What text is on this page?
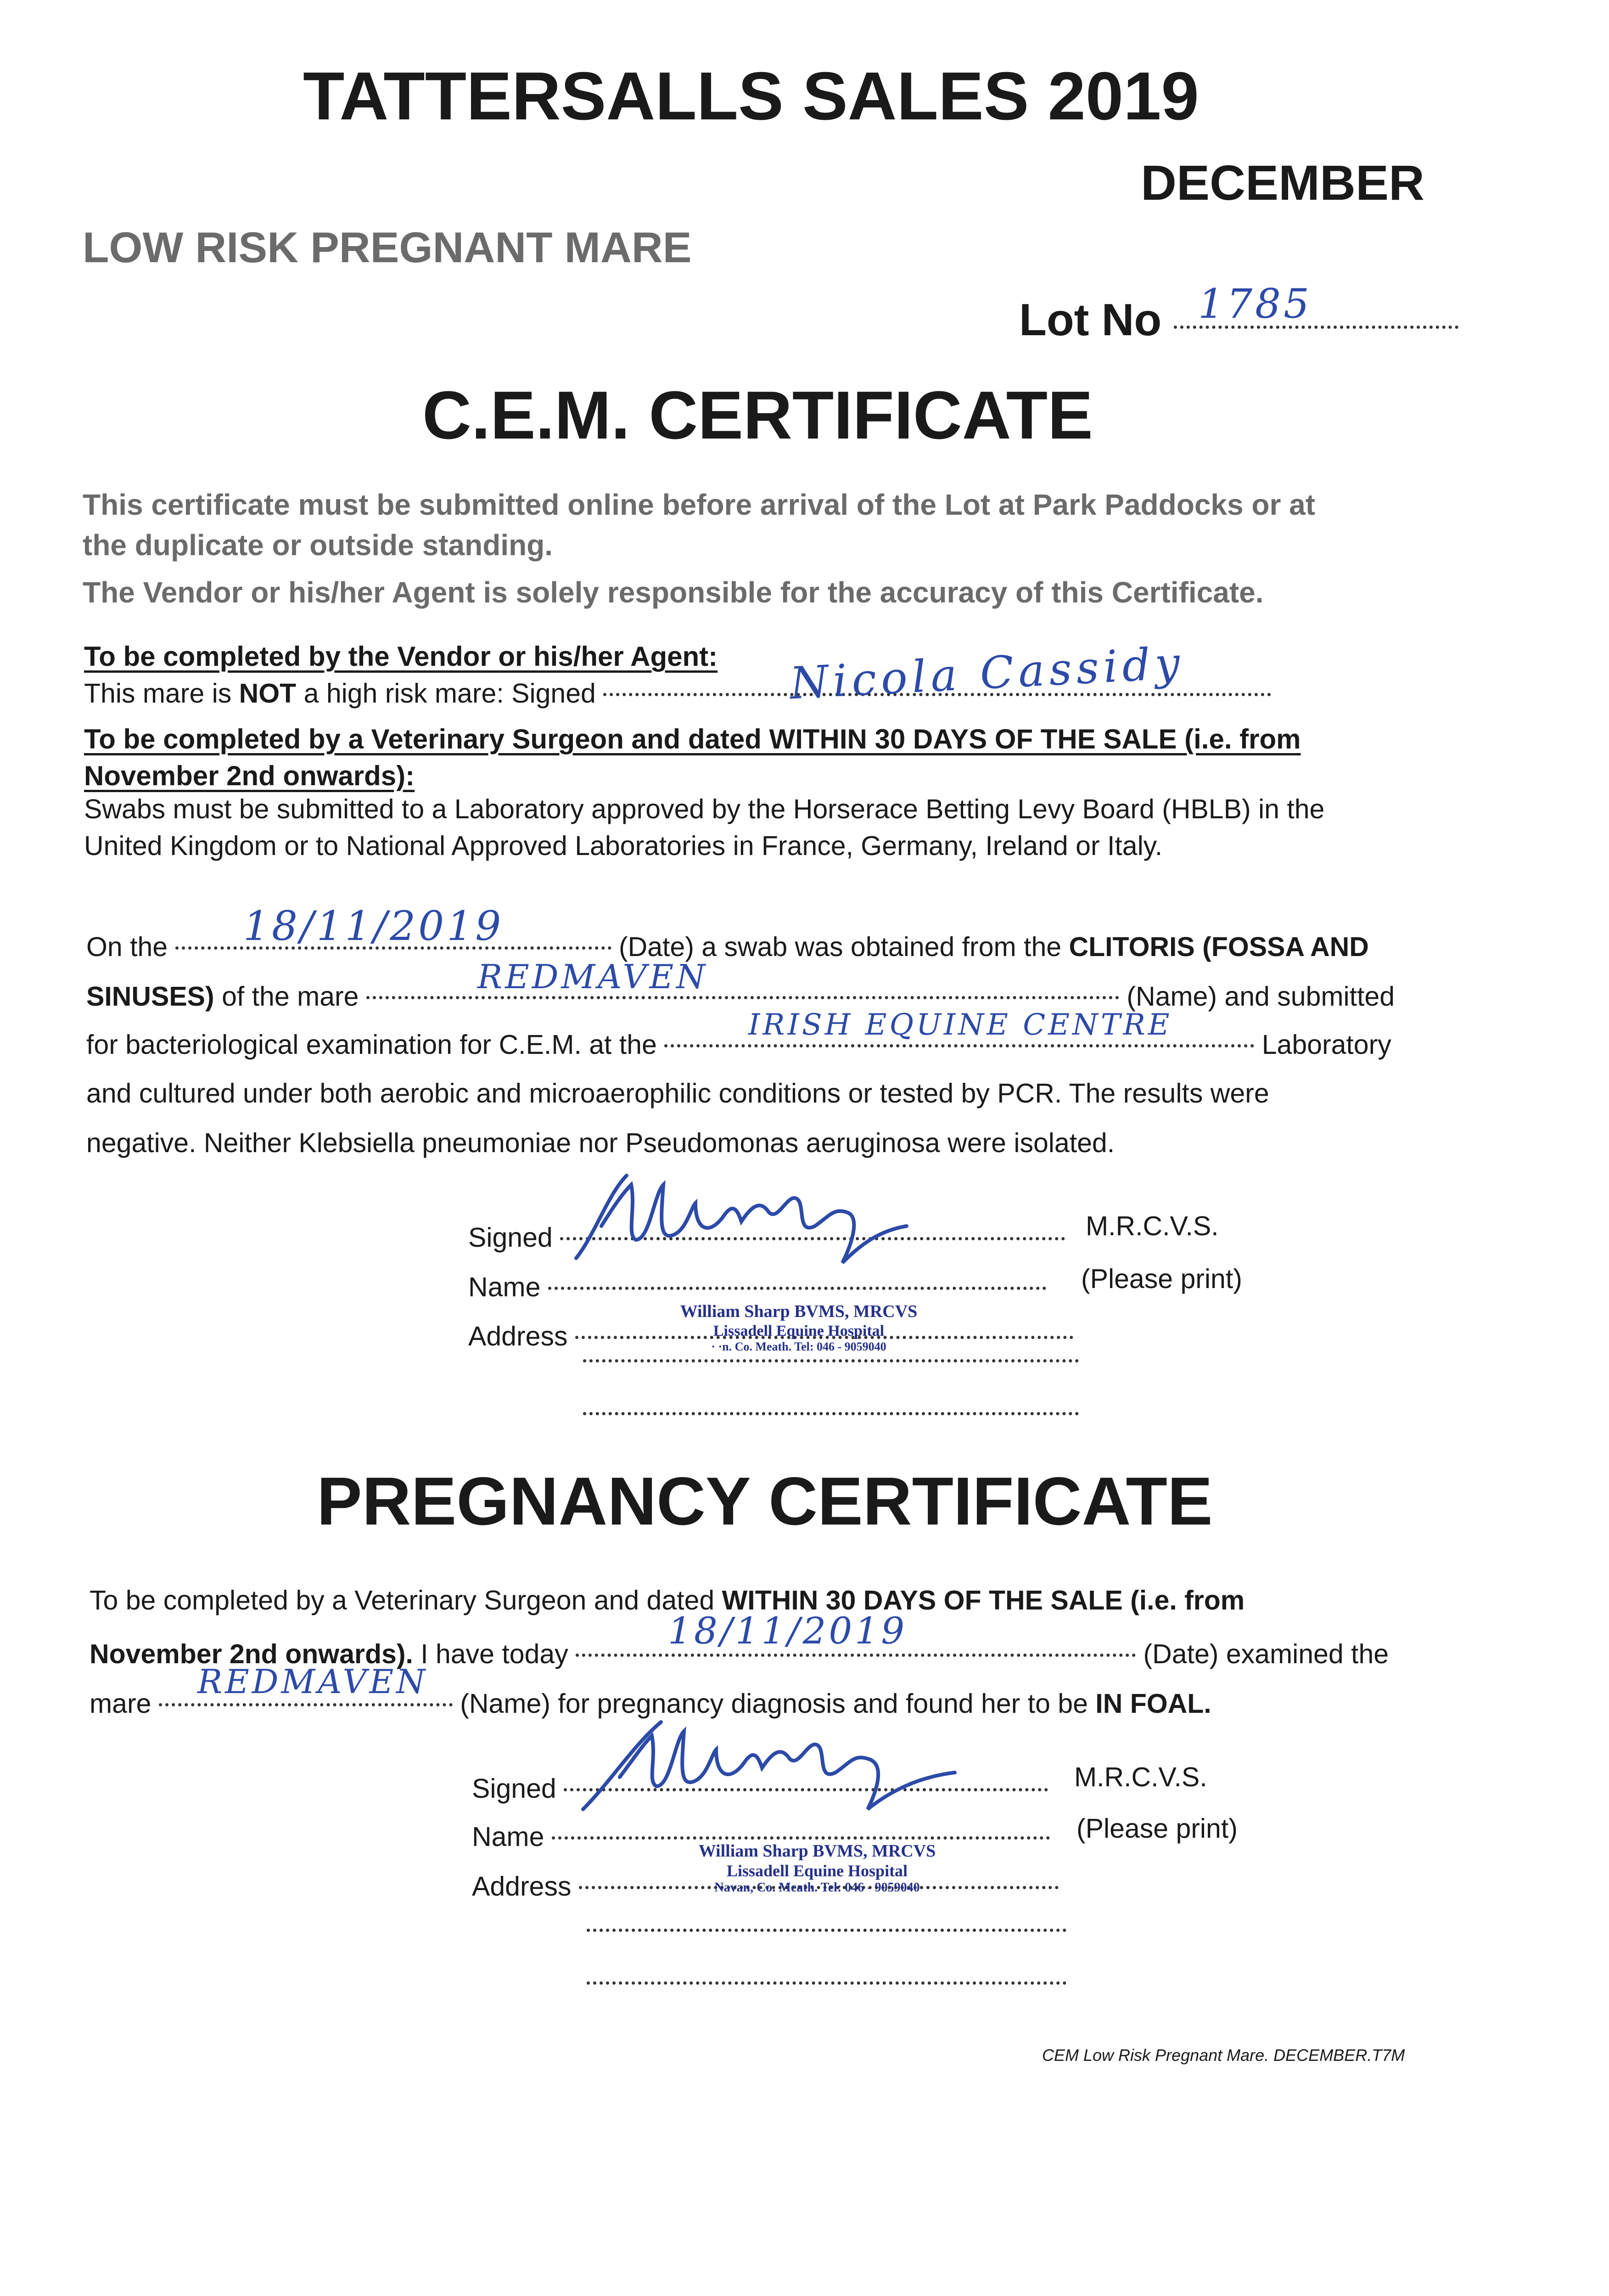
TATTERSALLS SALES 2019
DECEMBER
LOW RISK PREGNANT MARE
Lot No 1785
C.E.M. CERTIFICATE
This certificate must be submitted online before arrival of the Lot at Park Paddocks or at
the duplicate or outside standing.
The Vendor or his/her Agent is solely responsible for the accuracy of this Certificate.
To be completed by the Vendor or his/her Agent:
This mare is NOT a high risk mare: Signed	Nicola Cassidy
To be completed by a Veterinary Surgeon and dated WITHIN 30 DAYS OF THE SALE (i.e. from
November 2nd onwards):
Swabs must be submitted to a Laboratory approved by the Horserace Betting Levy Board (HBLB) in the
United Kingdom or to National Approved Laboratories in France, Germany, Ireland or Italy.
On the	(Date) a swab was obtained from the CLITORIS (FOSSA AND
18/11/2019
SINUSES) of the mare	(Name) and submitted
REDMAVEN
for bacteriological examination for C.E.M. at the	Laboratory
IRISH EQUINE CENTRE
and cultured under both aerobic and microaerophilic conditions or tested by PCR. The results were
negative. Neither Klebsiella pneumoniae nor Pseudomonas aeruginosa were isolated.
Signed	M.R.C.V.S.
Name	(Please print)
Address
William Sharp BVMS, MRCVS
Lissadell Equine Hospital
· ·n. Co. Meath. Tel: 046 - 9059040
PREGNANCY CERTIFICATE
To be completed by a Veterinary Surgeon and dated WITHIN 30 DAYS OF THE SALE (i.e. from
November 2nd onwards). I have today	(Date) examined the
18/11/2019
mare	(Name) for pregnancy diagnosis and found her to be IN FOAL.
REDMAVEN
Signed	M.R.C.V.S.
Name	(Please print)
Address
William Sharp BVMS, MRCVS
Lissadell Equine Hospital
Navan, Co. Meath. Tel: 046 - 9059040
CEM Low Risk Pregnant Mare. DECEMBER.T7M
